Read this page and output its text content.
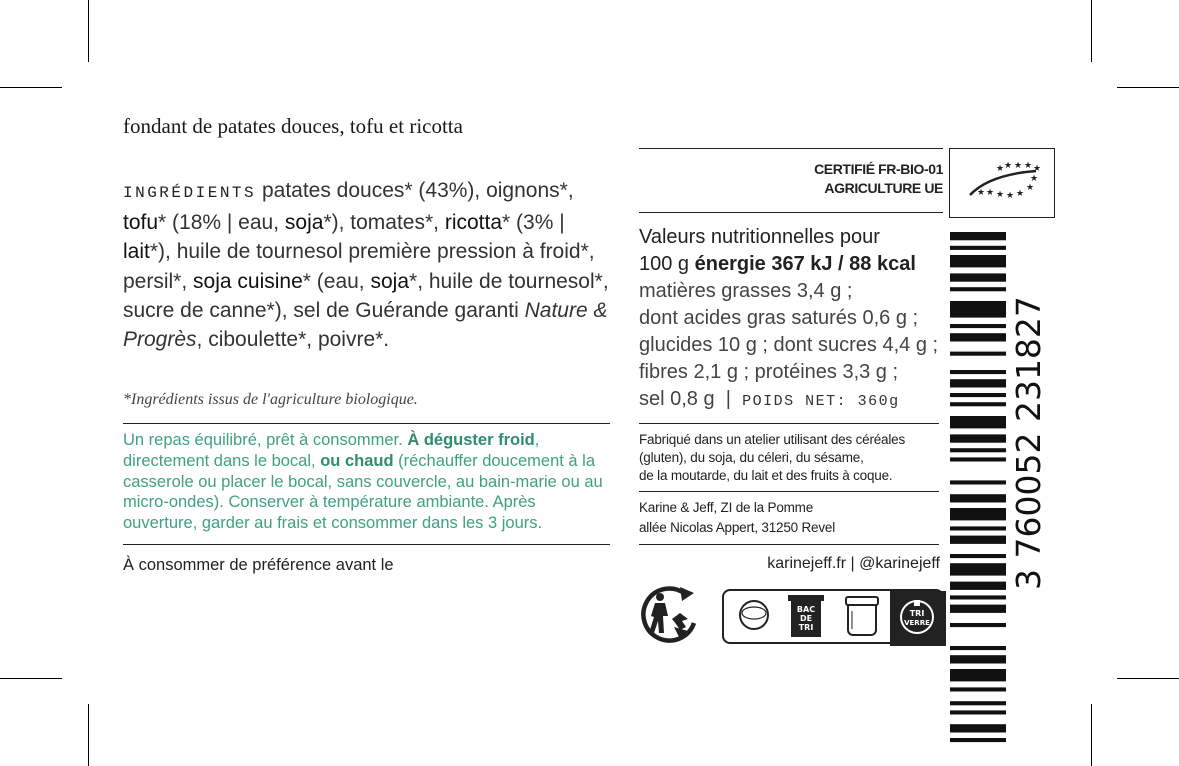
fondant de patates douces, tofu et ricotta
INGRÉDIENTS patates douces* (43%), oignons*, tofu* (18% | eau, soja*), tomates*, ricotta* (3% | lait*), huile de tournesol première pression à froid*, persil*, soja cuisine* (eau, soja*, huile de tournesol*, sucre de canne*), sel de Guérande garanti Nature & Progrès, ciboulette*, poivre*.
*Ingrédients issus de l'agriculture biologique.
Un repas équilibré, prêt à consommer. À déguster froid, directement dans le bocal, ou chaud (réchauffer doucement à la casserole ou placer le bocal, sans couvercle, au bain-marie ou au micro-ondes). Conserver à température ambiante. Après ouverture, garder au frais et consommer dans les 3 jours.
À consommer de préférence avant le
CERTIFIÉ FR-BIO-01
AGRICULTURE UE
★ ★ ★ ★
★
★
★
★
★
★
★
★
Valeurs nutritionnelles pour
100 g énergie 367 kJ / 88 kcal
matières grasses 3,4 g ;
dont acides gras saturés 0,6 g ;
glucides 10 g ; dont sucres 4,4 g ;
fibres 2,1 g ; protéines 3,3 g ;
sel 0,8 g | POIDS NET: 360g
Fabriqué dans un atelier utilisant des céréales
(gluten), du soja, du céleri, du sésame,
de la moutarde, du lait et des fruits à coque.
Karine & Jeff, ZI de la Pomme
allée Nicolas Appert, 31250 Revel
karinejeff.fr | @karinejeff 3 760052 231827
BAC
DE
TRI
TRI
VERRE
